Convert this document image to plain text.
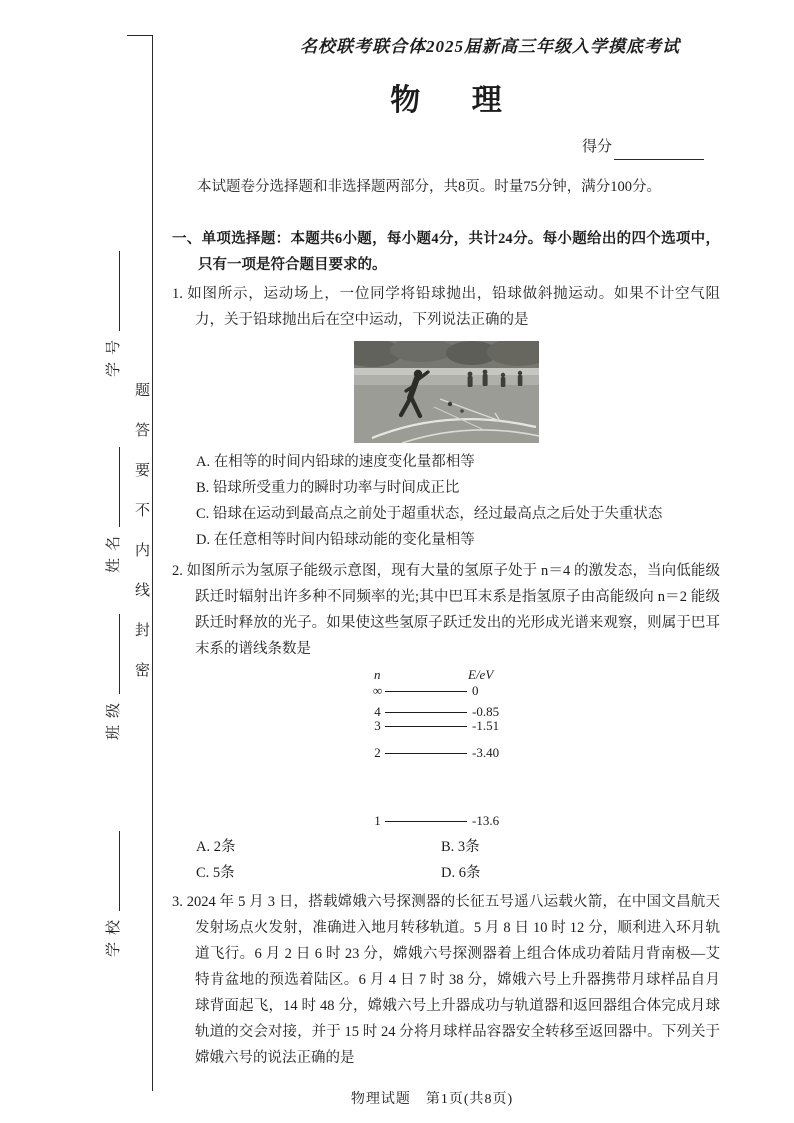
题答要不内线封密
学号
姓名
班级
学校
名校联考联合体2025届新高三年级入学摸底考试
物 理
得分
本试题卷分选择题和非选择题两部分，共8页。时量75分钟，满分100分。
一、单项选择题：本题共6小题，每小题4分，共计24分。每小题给出的四个选项中，只有一项是符合题目要求的。
1. 如图所示，运动场上，一位同学将铅球抛出，铅球做斜抛运动。如果不计空气阻力，关于铅球抛出后在空中运动，下列说法正确的是
A. 在相等的时间内铅球的速度变化量都相等
B. 铅球所受重力的瞬时功率与时间成正比
C. 铅球在运动到最高点之前处于超重状态，经过最高点之后处于失重状态
D. 在任意相等时间内铅球动能的变化量相等
2. 如图所示为氢原子能级示意图，现有大量的氢原子处于 n＝4 的激发态，当向低能级跃迁时辐射出许多种不同频率的光;其中巴耳末系是指氢原子由高能级向 n＝2 能级跃迁时释放的光子。如果使这些氢原子跃迁发出的光形成光谱来观察，则属于巴耳末系的谱线条数是
n	E/eV
∞	0
4	-0.85
3	-1.51
2	-3.40
1	-13.6
A. 2条	B. 3条
C. 5条	D. 6条
3. 2024 年 5 月 3 日，搭载嫦娥六号探测器的长征五号遥八运载火箭，在中国文昌航天发射场点火发射，准确进入地月转移轨道。5 月 8 日 10 时 12 分，顺利进入环月轨道飞行。6 月 2 日 6 时 23 分，嫦娥六号探测器着上组合体成功着陆月背南极—艾特肯盆地的预选着陆区。6 月 4 日 7 时 38 分，嫦娥六号上升器携带月球样品自月球背面起飞，14 时 48 分，嫦娥六号上升器成功与轨道器和返回器组合体完成月球轨道的交会对接，并于 15 时 24 分将月球样品容器安全转移至返回器中。下列关于嫦娥六号的说法正确的是
物理试题　第1页(共8页)
